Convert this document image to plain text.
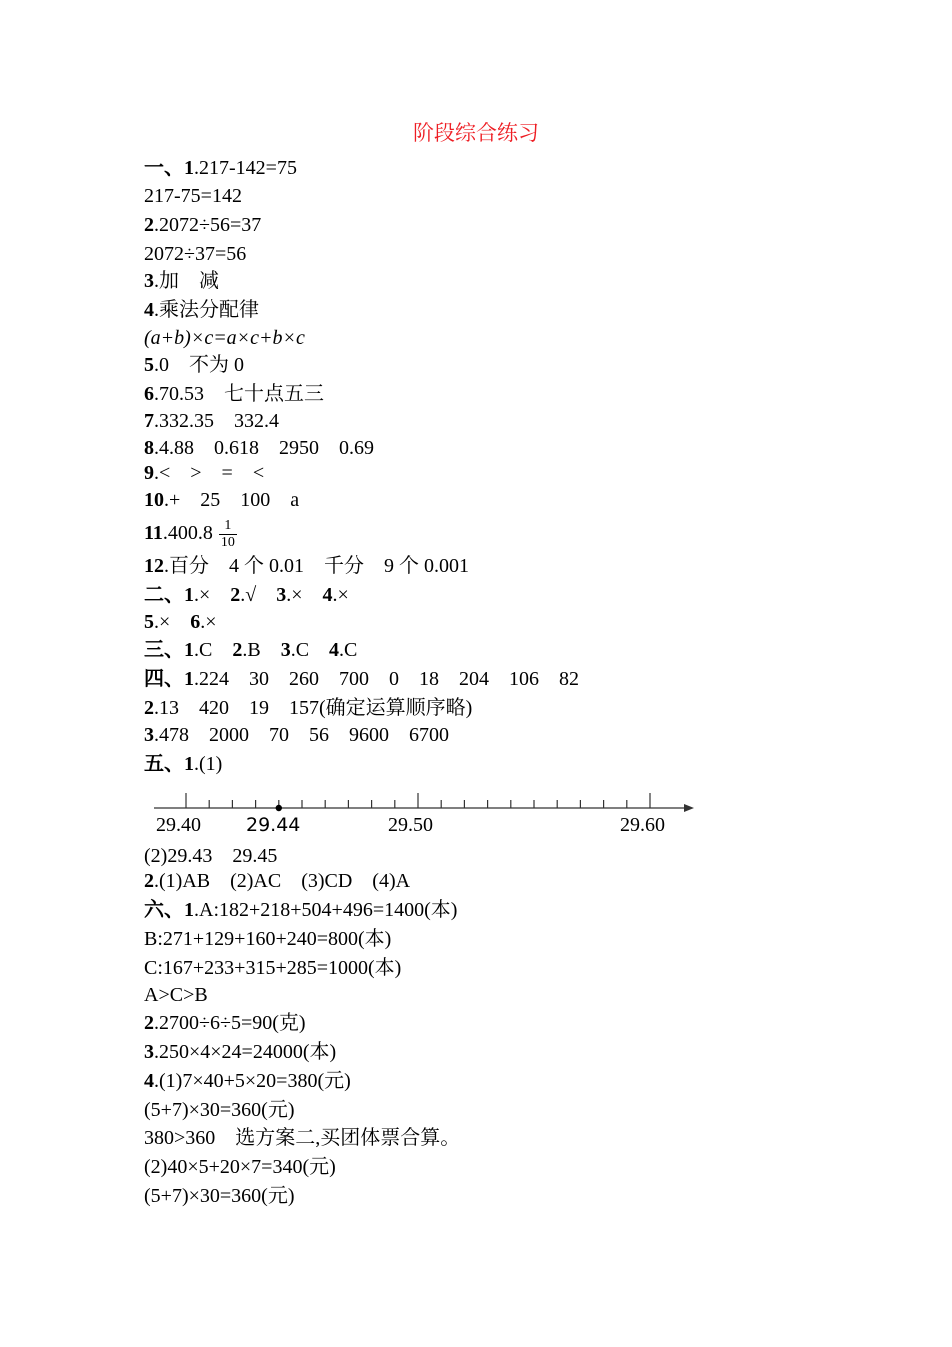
阶段综合练习
一、1.217-142=75
217-75=142
2.2072÷56=37
2072÷37=56
3.加　减
4.乘法分配律
(a+b)×c=a×c+b×c
5.0　不为 0
6.70.53　七十点五三
7.332.35　332.4
8.4.88　0.618　2950　0.69
9.<　>　=　<
10.+　25　100　a
$11.400.8 \frac{1}{10}$
12.百分　4 个 0.01　千分　9 个 0.001
二、1.×　2.√　3.×　4.×
5.×　6.×
三、1.C　2.B　3.C　4.C
四、1.224　30　260　700　0　18　204　106　82
2.13　420　19　157(确定运算顺序略)
3.478　2000　70　56　9600　6700
五、1.(1)
29.40 29.44	29.50	29.60
(2)29.43　29.45
2.(1)AB　(2)AC　(3)CD　(4)A
六、1.A:182+218+504+496=1400(本)
B:271+129+160+240=800(本)
C:167+233+315+285=1000(本)
A>C>B
2.2700÷6÷5=90(克)
3.250×4×24=24000(本)
4.(1)7×40+5×20=380(元)
(5+7)×30=360(元)
380>360　选方案二,买团体票合算。
(2)40×5+20×7=340(元)
(5+7)×30=360(元)
